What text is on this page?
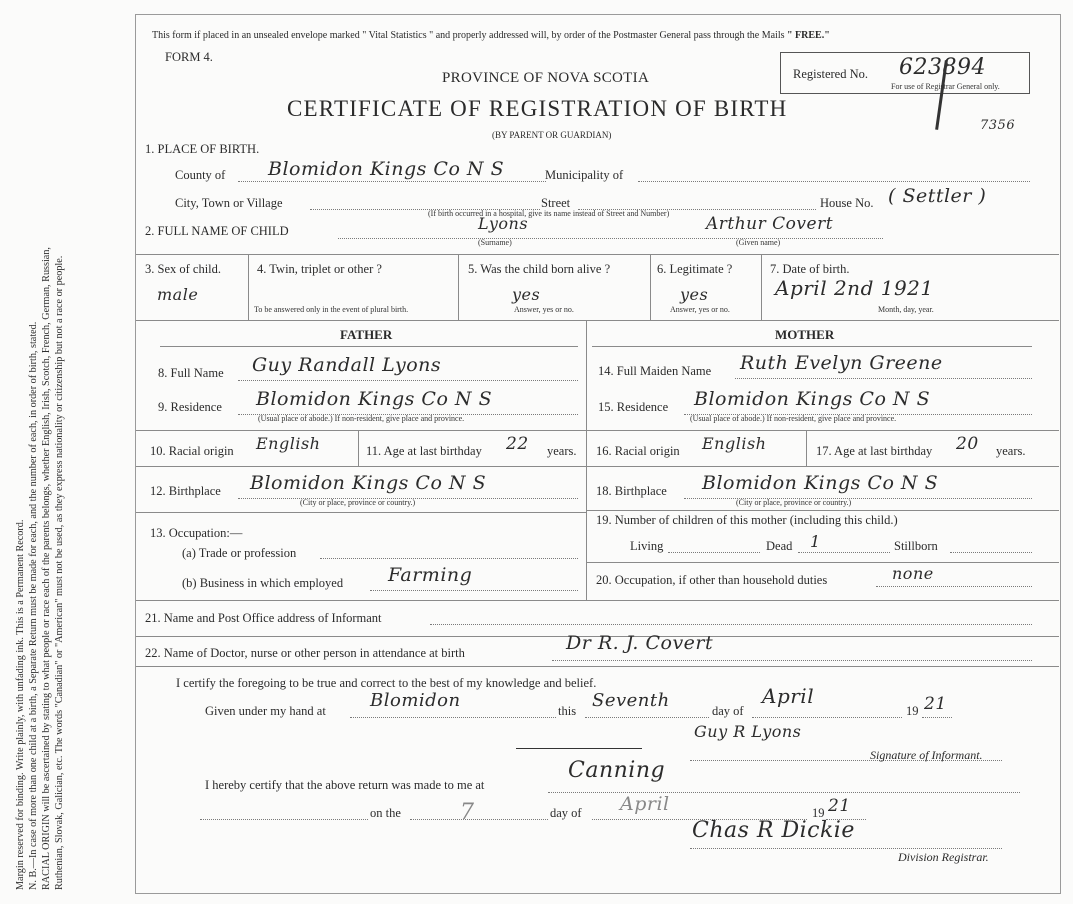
Margin reserved for binding. Write plainly, with unfading ink. This is a Permanent Record. N. B.—In case of more than one child at a birth, a Separate Return must be made for each, and the number of each, in order of birth, stated. RACIAL ORIGIN will be ascertained by stating to what people or race each of the parents belongs, whether English, Irish, Scotch, French, German, Russian, Ruthenian, Slovak, Galician, etc. The words "Canadian" or "American" must not be used, as they express nationality or citizenship but not a race or people.
This form if placed in an unsealed envelope marked " Vital Statistics " and properly addressed will, by order of the Postmaster General pass through the Mails " FREE."
FORM 4.
PROVINCE OF NOVA SCOTIA
CERTIFICATE OF REGISTRATION OF BIRTH
(BY PARENT OR GUARDIAN)
Registered No. 623894
For use of Registrar General only.
7356
1. PLACE OF BIRTH.
County of Blomidon Kings Co N S	Municipality of
City, Town or Village	Street	House No. ( Settler )
(If birth occurred in a hospital, give its name instead of Street and Number)
2. FULL NAME OF CHILD	Lyons
(Surname)
Arthur Covert
(Given name)
3. Sex of child.
male
4. Twin, triplet or other ?
To be answered only in the event of plural birth.
5. Was the child born alive ?
yes
Answer, yes or no.
6. Legitimate ?
yes
Answer, yes or no.
7. Date of birth.
April 2nd 1921
Month, day, year.
FATHER	MOTHER
8. Full Name Guy Randall Lyons
9. Residence Blomidon Kings Co N S
(Usual place of abode.) If non-resident, give place and province.
10. Racial origin English	11. Age at last birthday 22 years.
12. Birthplace Blomidon Kings Co N S
(City or place, province or country.)
13. Occupation:—
(a) Trade or profession
(b) Business in which employed Farming
14. Full Maiden Name Ruth Evelyn Greene
15. Residence Blomidon Kings Co N S
(Usual place of abode.) If non-resident, give place and province.
16. Racial origin English	17. Age at last birthday 20 years.
18. Birthplace Blomidon Kings Co N S
(City or place, province or country.)
19. Number of children of this mother (including this child.)
Living	Dead 1	Stillborn
20. Occupation, if other than household duties	none
21. Name and Post Office address of Informant
22. Name of Doctor, nurse or other person in attendance at birth	Dr R. J. Covert
I certify the foregoing to be true and correct to the best of my knowledge and belief.
Given under my hand at Blomidon	this Seventh	day of
April
19 21
Guy R Lyons
Signature of Informant.
I hereby certify that the above return was made to me at
Canning
on the	7	day of April	19 21
Chas R Dickie
Division Registrar.
